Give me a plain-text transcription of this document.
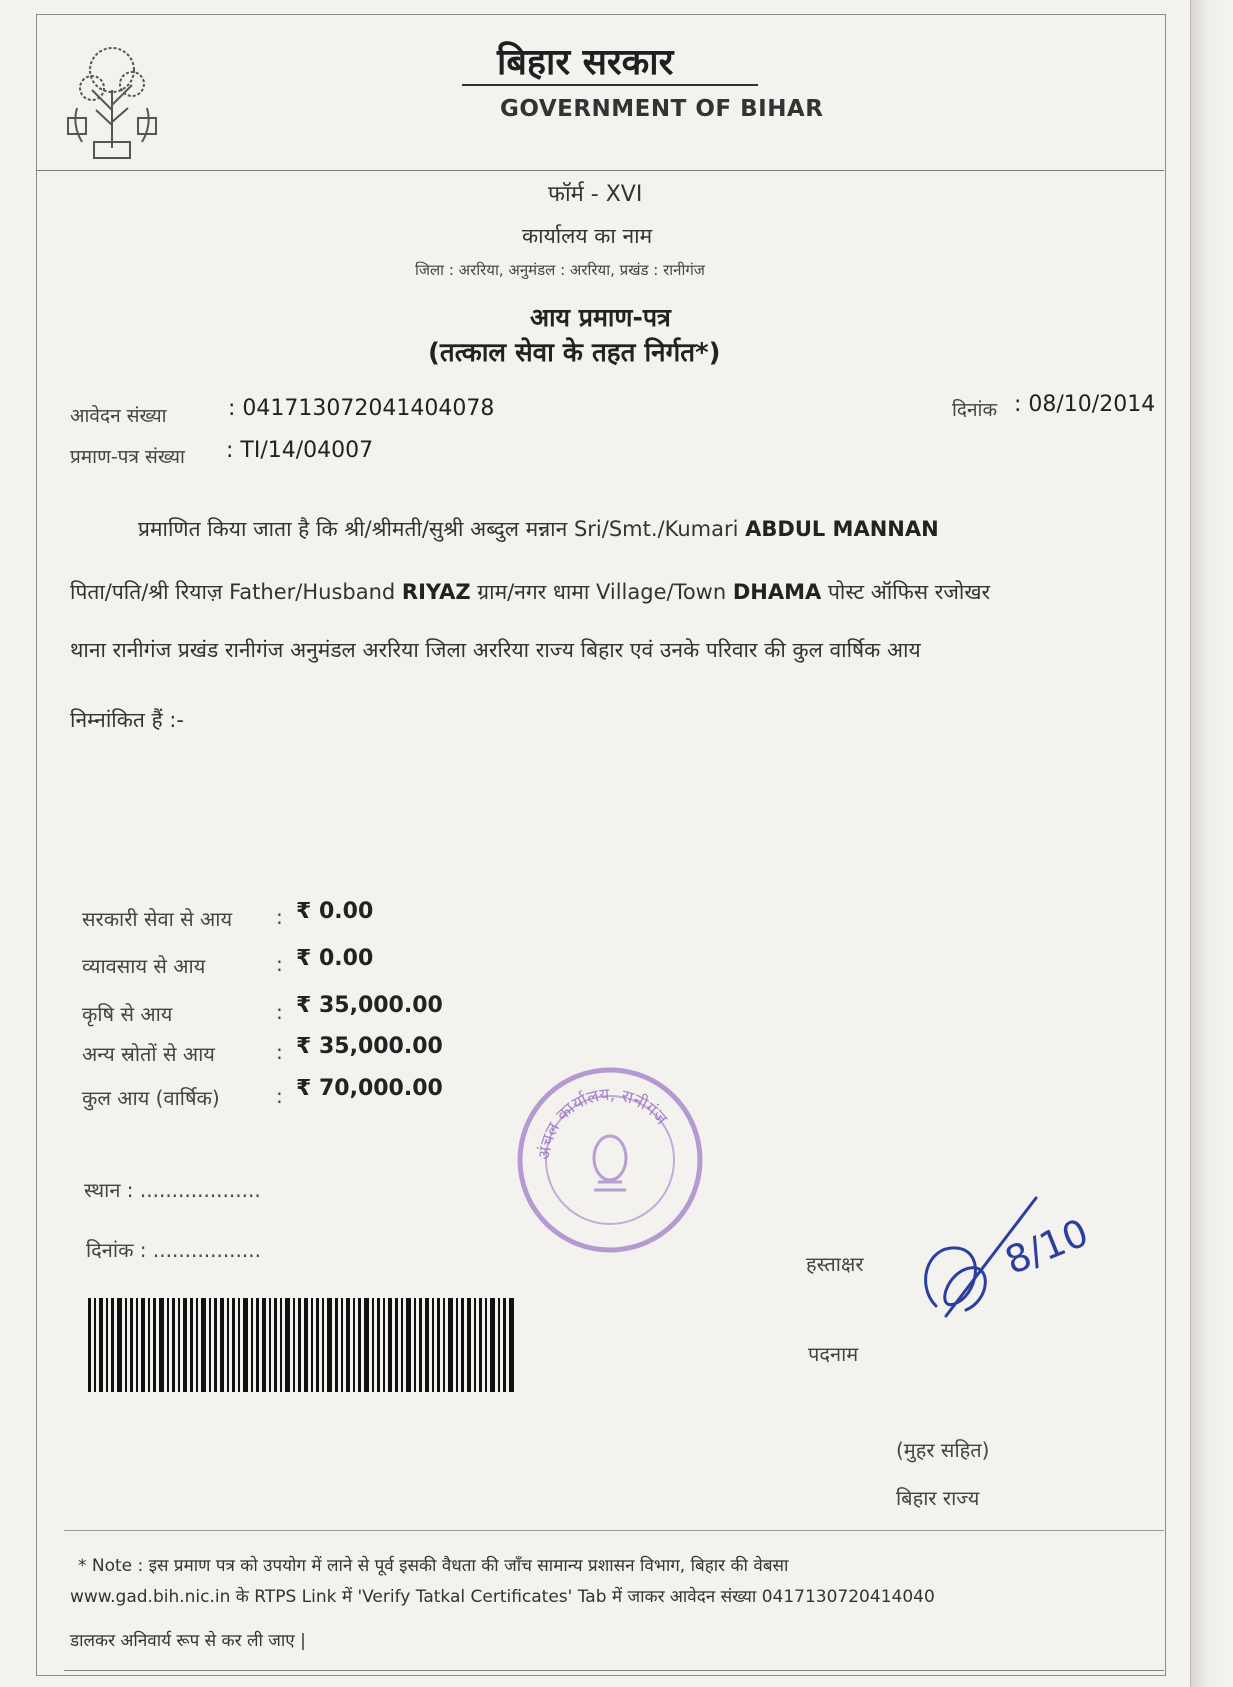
बिहार सरकार
GOVERNMENT OF BIHAR
फॉर्म - XVI
कार्यालय का नाम
जिला : अररिया, अनुमंडल : अररिया, प्रखंड : रानीगंज
आय प्रमाण-पत्र
(तत्काल सेवा के तहत निर्गत*)
आवेदन संख्या	: 041713072041404078
प्रमाण-पत्र संख्या : TI/14/04007
दिनांक : 08/10/2014
प्रमाणित किया जाता है कि श्री/श्रीमती/सुश्री अब्दुल मन्नान Sri/Smt./Kumari ABDUL MANNAN
पिता/पति/श्री रियाज़ Father/Husband RIYAZ ग्राम/नगर धामा Village/Town DHAMA पोस्ट ऑफिस रजोखर
थाना रानीगंज प्रखंड रानीगंज अनुमंडल अररिया जिला अररिया राज्य बिहार एवं उनके परिवार की कुल वार्षिक आय
निम्नांकित हैं :-
सरकारी सेवा से आय : ₹ 0.00
व्यावसाय से आय	: ₹ 0.00
कृषि से आय	: ₹ 35,000.00
अन्य स्रोतों से आय	: ₹ 35,000.00
कुल आय (वार्षिक)	: ₹ 70,000.00
स्थान : ...................
दिनांक : .................
अंचल कार्यालय, रानीगंज
हस्ताक्षर	8/10
पदनाम
(मुहर सहित)
बिहार राज्य
* Note : इस प्रमाण पत्र को उपयोग में लाने से पूर्व इसकी वैधता की जाँच सामान्य प्रशासन विभाग, बिहार की वेबसा
www.gad.bih.nic.in के RTPS Link में 'Verify Tatkal Certificates' Tab में जाकर आवेदन संख्या 0417130720414040
डालकर अनिवार्य रूप से कर ली जाए |
